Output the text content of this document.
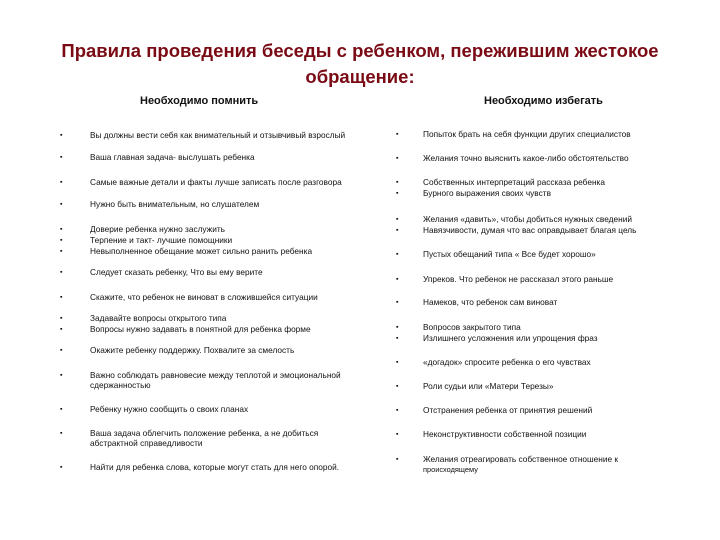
Правила проведения беседы с ребенком, пережившим жестокое обращение:
Необходимо помнить	Необходимо избегать
▪	Вы должны вести себя как внимательный и отзывчивый взрослый
▪	Ваша главная задача- выслушать ребенка
▪	Самые важные детали и факты лучше записать после разговора
▪	Нужно быть внимательным, но слушателем
▪	Доверие ребенка нужно заслужить
▪	Терпение и такт- лучшие помощники
▪	Невыполненное обещание может сильно ранить ребенка
▪	Следует сказать ребенку, Что вы ему верите
▪	Скажите, что ребенок не виноват в сложившейся ситуации
▪	Задавайте вопросы открытого типа
▪	Вопросы нужно задавать в понятной для ребенка форме
▪	Окажите ребенку поддержку. Похвалите за смелость
▪	Важно соблюдать равновесие между теплотой и эмоциональной сдержанностью
▪	Ребенку нужно сообщить о своих планах
▪	Ваша задача облегчить положение ребенка, а не добиться абстрактной справедливости
▪	Найти для ребенка слова, которые могут стать для него опорой.
▪	Попыток брать на себя функции других специалистов
▪	Желания точно выяснить какое-либо обстоятельство
▪	Собственных интерпретаций рассказа ребенка
▪	Бурного выражения своих чувств
▪	Желания «давить», чтобы добиться нужных сведений
▪	Навязчивости, думая что вас оправдывает благая цель
▪	Пустых обещаний типа « Все будет хорошо»
▪	Упреков. Что ребенок не рассказал этого раньше
▪	Намеков, что ребенок сам виноват
▪	Вопросов закрытого типа
▪	Излишнего усложнения или упрощения фраз
▪	«догадок» спросите ребенка о его чувствах
▪	Роли судьи или «Матери Терезы»
▪	Отстранения ребенка от принятия решений
▪	Неконструктивности собственной позиции
▪	Желания отреагировать собственное отношение к
происходящему
